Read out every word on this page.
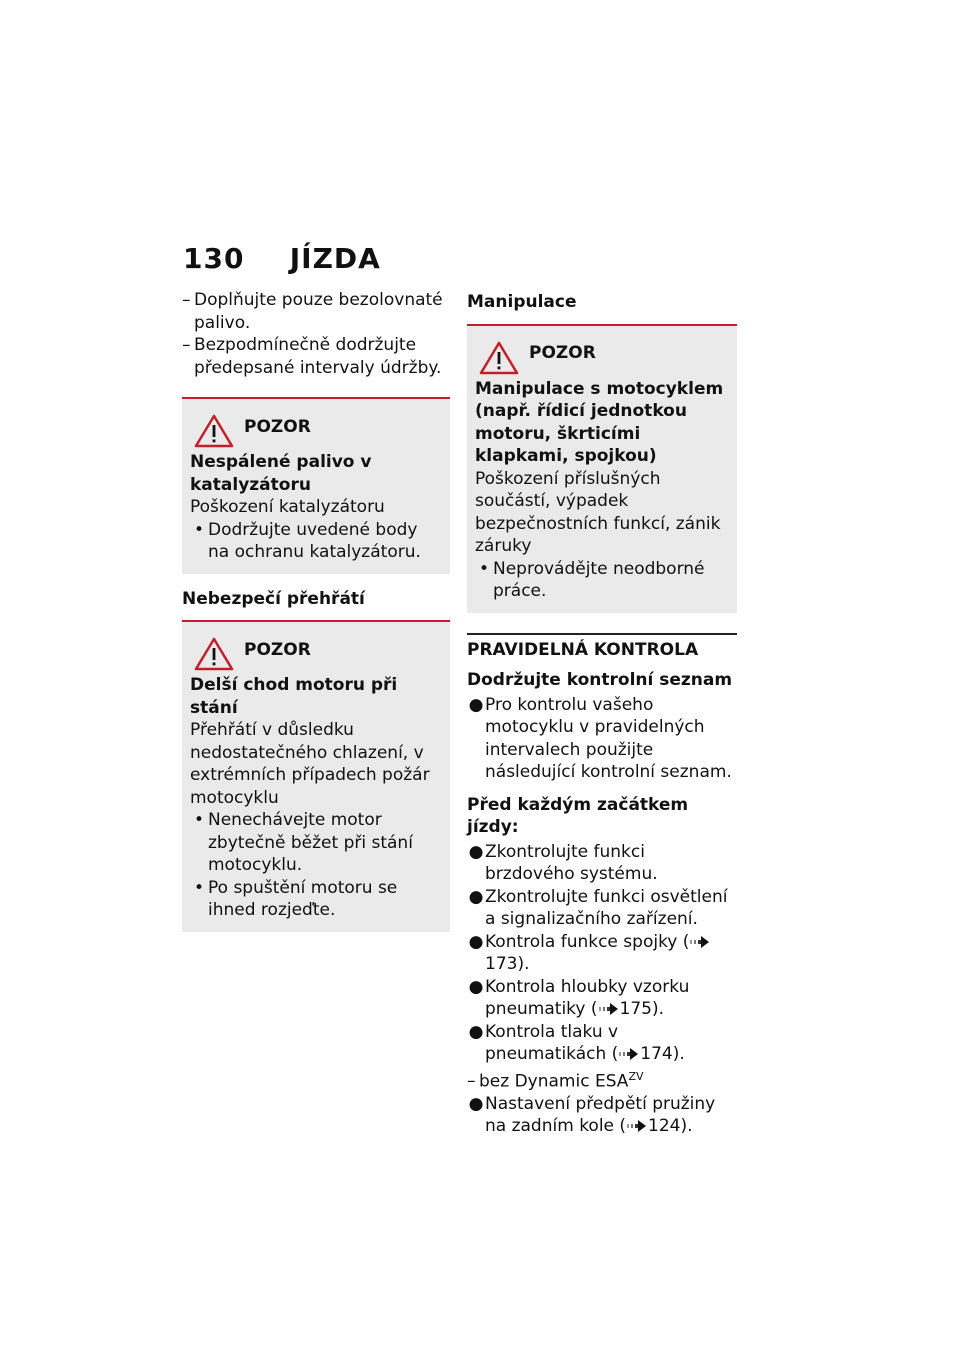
130 JÍZDA
– Doplňujte pouze bezolovnaté palivo.
– Bezpodmínečně dodržujte předepsané intervaly údržby.
POZOR
Nespálené palivo v katalyzátoru
Poškození katalyzátoru
• Dodržujte uvedené body na ochranu katalyzátoru.
Nebezpečí přehřátí
POZOR
Delší chod motoru při stání
Přehřátí v důsledku nedostatečného chlazení, v extrémních případech požár motocyklu
• Nenechávejte motor zbytečně běžet při stání motocyklu.
• Po spuštění motoru se ihned rozjeďte.
Manipulace
POZOR
Manipulace s motocyklem (např. řídicí jednotkou motoru, škrticími klapkami, spojkou)
Poškození příslušných součástí, výpadek bezpečnostních funkcí, zánik záruky
• Neprovádějte neodborné práce.
PRAVIDELNÁ KONTROLA
Dodržujte kontrolní seznam
●Pro kontrolu vašeho motocyklu v pravidelných intervalech použijte následující kontrolní seznam.
Před každým začátkem jízdy:
●Zkontrolujte funkci brzdového systému.
●Zkontrolujte funkci osvětlení a signalizačního zařízení.
●Kontrola funkce spojky (173).
●Kontrola hloubky vzorku pneumatiky ( 175).
●Kontrola tlaku v pneumatikách ( 174).
– bez Dynamic $ESA^{ZV}$
●Nastavení předpětí pružiny na zadním kole ( 124).
